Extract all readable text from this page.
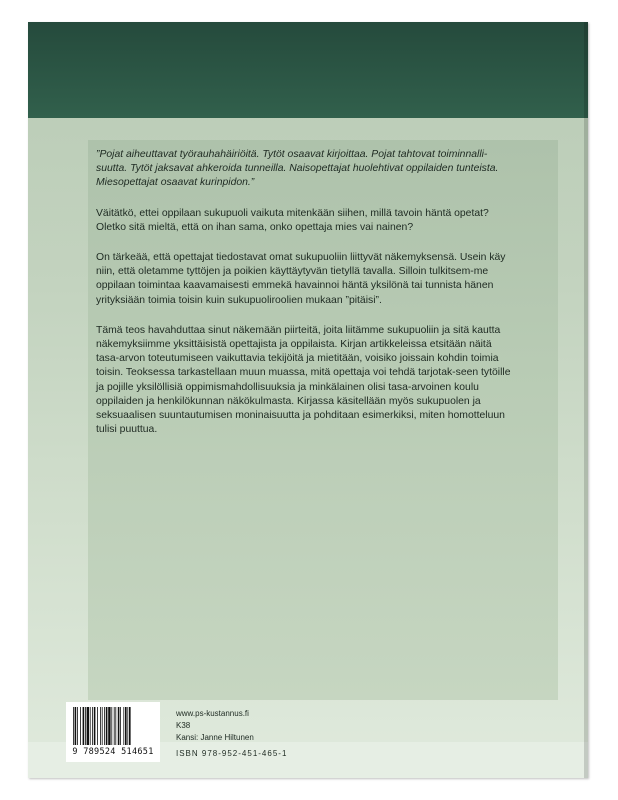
”Pojat aiheuttavat työrauhahäiriöitä. Tytöt osaavat kirjoittaa. Pojat tahtovat toiminnalli-suutta. Tytöt jaksavat ahkeroida tunneilla. Naisopettajat huolehtivat oppilaiden tunteista. Miesopettajat osaavat kurinpidon.”

Väitätkö, ettei oppilaan sukupuoli vaikuta mitenkään siihen, millä tavoin häntä opetat? Oletko sitä mieltä, että on ihan sama, onko opettaja mies vai nainen?

On tärkeää, että opettajat tiedostavat omat sukupuoliin liittyvät näkemyksensä. Usein käy niin, että oletamme tyttöjen ja poikien käyttäytyvän tietyllä tavalla. Silloin tulkitsem-me oppilaan toimintaa kaavamaisesti emmekä havainnoi häntä yksilönä tai tunnista hänen yrityksiään toimia toisin kuin sukupuoliroolien mukaan ”pitäisi”.

Tämä teos havahduttaa sinut näkemään piirteitä, joita liitämme sukupuoliin ja sitä kautta näkemyksiimme yksittäisistä opettajista ja oppilaista. Kirjan artikkeleissa etsitään näitä tasa-arvon toteutumiseen vaikuttavia tekijöitä ja mietitään, voisiko joissain kohdin toimia toisin. Teoksessa tarkastellaan muun muassa, mitä opettaja voi tehdä tarjotak-seen tytöille ja pojille yksilöllisiä oppimismahdollisuuksia ja minkälainen olisi tasa-arvoinen koulu oppilaiden ja henkilökunnan näkökulmasta. Kirjassa käsitellään myös sukupuolen ja seksuaalisen suuntautumisen moninaisuutta ja pohditaan esimerkiksi, miten homotteluun tulisi puuttua.

9 789524 514651
www.ps-kustannus.fi
K38
Kansi: Janne Hiltunen
ISBN 978-952-451-465-1
